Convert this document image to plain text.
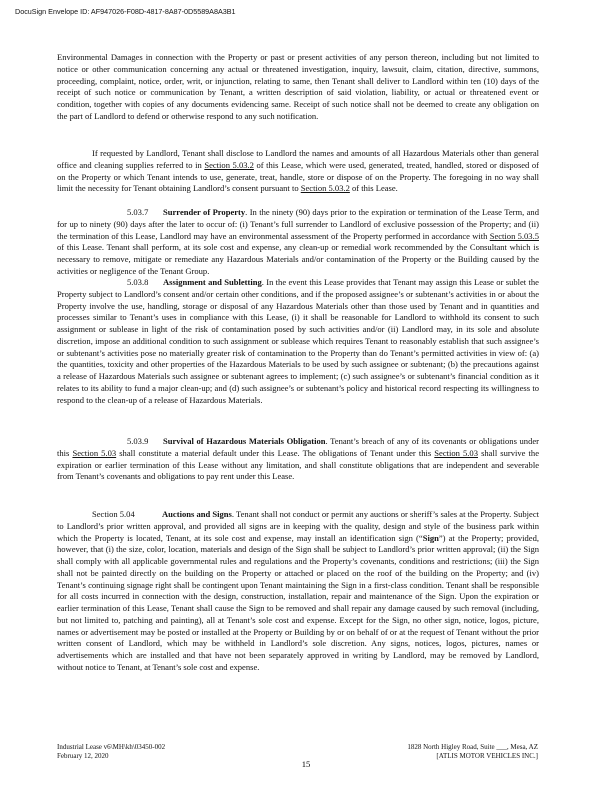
DocuSign Envelope ID: AF947026-F08D-4817-8A87-0D5589A8A3B1
Environmental Damages in connection with the Property or past or present activities of any person thereon, including but not limited to notice or other communication concerning any actual or threatened investigation, inquiry, lawsuit, claim, citation, directive, summons, proceeding, complaint, notice, order, writ, or injunction, relating to same, then Tenant shall deliver to Landlord within ten (10) days of the receipt of such notice or communication by Tenant, a written description of said violation, liability, or actual or threatened event or condition, together with copies of any documents evidencing same. Receipt of such notice shall not be deemed to create any obligation on the part of Landlord to defend or otherwise respond to any such notification.
If requested by Landlord, Tenant shall disclose to Landlord the names and amounts of all Hazardous Materials other than general office and cleaning supplies referred to in Section 5.03.2 of this Lease, which were used, generated, treated, handled, stored or disposed of on the Property or which Tenant intends to use, generate, treat, handle, store or dispose of on the Property. The foregoing in no way shall limit the necessity for Tenant obtaining Landlord’s consent pursuant to Section 5.03.2 of this Lease.
5.03.7 Surrender of Property. In the ninety (90) days prior to the expiration or termination of the Lease Term, and for up to ninety (90) days after the later to occur of: (i) Tenant’s full surrender to Landlord of exclusive possession of the Property; and (ii) the termination of this Lease, Landlord may have an environmental assessment of the Property performed in accordance with Section 5.03.5 of this Lease. Tenant shall perform, at its sole cost and expense, any clean-up or remedial work recommended by the Consultant which is necessary to remove, mitigate or remediate any Hazardous Materials and/or contamination of the Property or the Building caused by the activities or negligence of the Tenant Group.
5.03.8 Assignment and Subletting. In the event this Lease provides that Tenant may assign this Lease or sublet the Property subject to Landlord’s consent and/or certain other conditions, and if the proposed assignee’s or subtenant’s activities in or about the Property involve the use, handling, storage or disposal of any Hazardous Materials other than those used by Tenant and in quantities and processes similar to Tenant’s uses in compliance with this Lease, (i) it shall be reasonable for Landlord to withhold its consent to such assignment or sublease in light of the risk of contamination posed by such activities and/or (ii) Landlord may, in its sole and absolute discretion, impose an additional condition to such assignment or sublease which requires Tenant to reasonably establish that such assignee’s or subtenant’s activities pose no materially greater risk of contamination to the Property than do Tenant’s permitted activities in view of: (a) the quantities, toxicity and other properties of the Hazardous Materials to be used by such assignee or subtenant; (b) the precautions against a release of Hazardous Materials such assignee or subtenant agrees to implement; (c) such assignee’s or subtenant’s financial condition as it relates to its ability to fund a major clean-up; and (d) such assignee’s or subtenant’s policy and historical record respecting its willingness to respond to the clean-up of a release of Hazardous Materials.
5.03.9 Survival of Hazardous Materials Obligation. Tenant’s breach of any of its covenants or obligations under this Section 5.03 shall constitute a material default under this Lease. The obligations of Tenant under this Section 5.03 shall survive the expiration or earlier termination of this Lease without any limitation, and shall constitute obligations that are independent and severable from Tenant’s covenants and obligations to pay rent under this Lease.
Section 5.04	Auctions and Signs. Tenant shall not conduct or permit any auctions or sheriff’s sales at the Property. Subject to Landlord’s prior written approval, and provided all signs are in keeping with the quality, design and style of the business park within which the Property is located, Tenant, at its sole cost and expense, may install an identification sign (“Sign”) at the Property; provided, however, that (i) the size, color, location, materials and design of the Sign shall be subject to Landlord’s prior written approval; (ii) the Sign shall comply with all applicable governmental rules and regulations and the Property’s covenants, conditions and restrictions; (iii) the Sign shall not be painted directly on the building on the Property or attached or placed on the roof of the building on the Property; and (iv) Tenant’s continuing signage right shall be contingent upon Tenant maintaining the Sign in a first-class condition. Tenant shall be responsible for all costs incurred in connection with the design, construction, installation, repair and maintenance of the Sign. Upon the expiration or earlier termination of this Lease, Tenant shall cause the Sign to be removed and shall repair any damage caused by such removal (including, but not limited to, patching and painting), all at Tenant’s sole cost and expense. Except for the Sign, no other sign, notice, logos, picture, names or advertisement may be posted or installed at the Property or Building by or on behalf of or at the request of Tenant without the prior written consent of Landlord, which may be withheld in Landlord’s sole discretion. Any signs, notices, logos, pictures, names or advertisements which are installed and that have not been separately approved in writing by Landlord, may be removed by Landlord, without notice to Tenant, at Tenant’s sole cost and expense.
Industrial Lease v6\MH\kh\03450-002
February 12, 2020
1828 North Higley Road, Suite ___, Mesa, AZ
[ATLIS MOTOR VEHICLES INC.]
15
